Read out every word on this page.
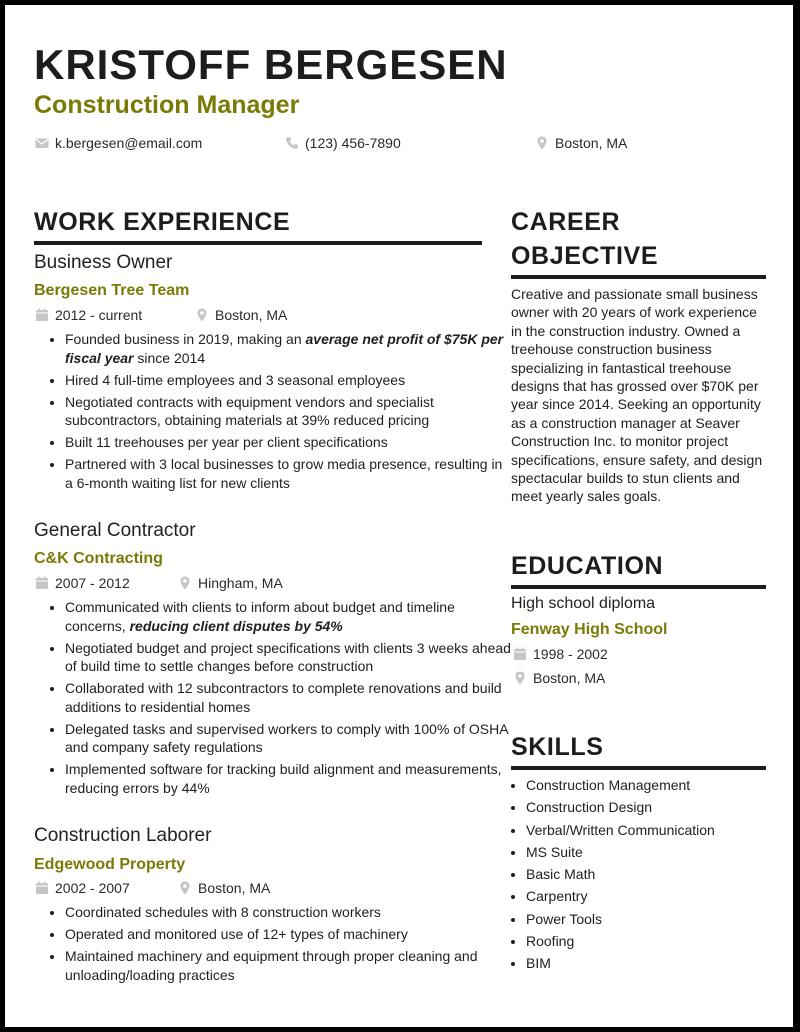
KRISTOFF BERGESEN
Construction Manager
k.bergesen@email.com	(123) 456-7890	Boston, MA
WORK EXPERIENCE
Business Owner
Bergesen Tree Team
2012 - current	Boston, MA
• Founded business in 2019, making an average net profit of $75K per fiscal year since 2014
• Hired 4 full-time employees and 3 seasonal employees
• Negotiated contracts with equipment vendors and specialist subcontractors, obtaining materials at 39% reduced pricing
• Built 11 treehouses per year per client specifications
• Partnered with 3 local businesses to grow media presence, resulting in a 6-month waiting list for new clients
General Contractor
C&K Contracting
2007 - 2012	Hingham, MA
• Communicated with clients to inform about budget and timeline concerns, reducing client disputes by 54%
• Negotiated budget and project specifications with clients 3 weeks ahead of build time to settle changes before construction
• Collaborated with 12 subcontractors to complete renovations and build additions to residential homes
• Delegated tasks and supervised workers to comply with 100% of OSHA and company safety regulations
• Implemented software for tracking build alignment and measurements, reducing errors by 44%
Construction Laborer
Edgewood Property
2002 - 2007	Boston, MA
• Coordinated schedules with 8 construction workers
• Operated and monitored use of 12+ types of machinery
• Maintained machinery and equipment through proper cleaning and unloading/loading practices
CAREER OBJECTIVE

Creative and passionate small business owner with 20 years of work experience in the construction industry. Owned a treehouse construction business specializing in fantastical treehouse designs that has grossed over $70K per year since 2014. Seeking an opportunity as a construction manager at Seaver Construction Inc. to monitor project specifications, ensure safety, and design spectacular builds to stun clients and meet yearly sales goals.

EDUCATION
High school diploma
Fenway High School
1998 - 2002
Boston, MA
SKILLS
• Construction Management
• Construction Design
• Verbal/Written Communication
• MS Suite
• Basic Math
• Carpentry
• Power Tools
• Roofing
• BIM
